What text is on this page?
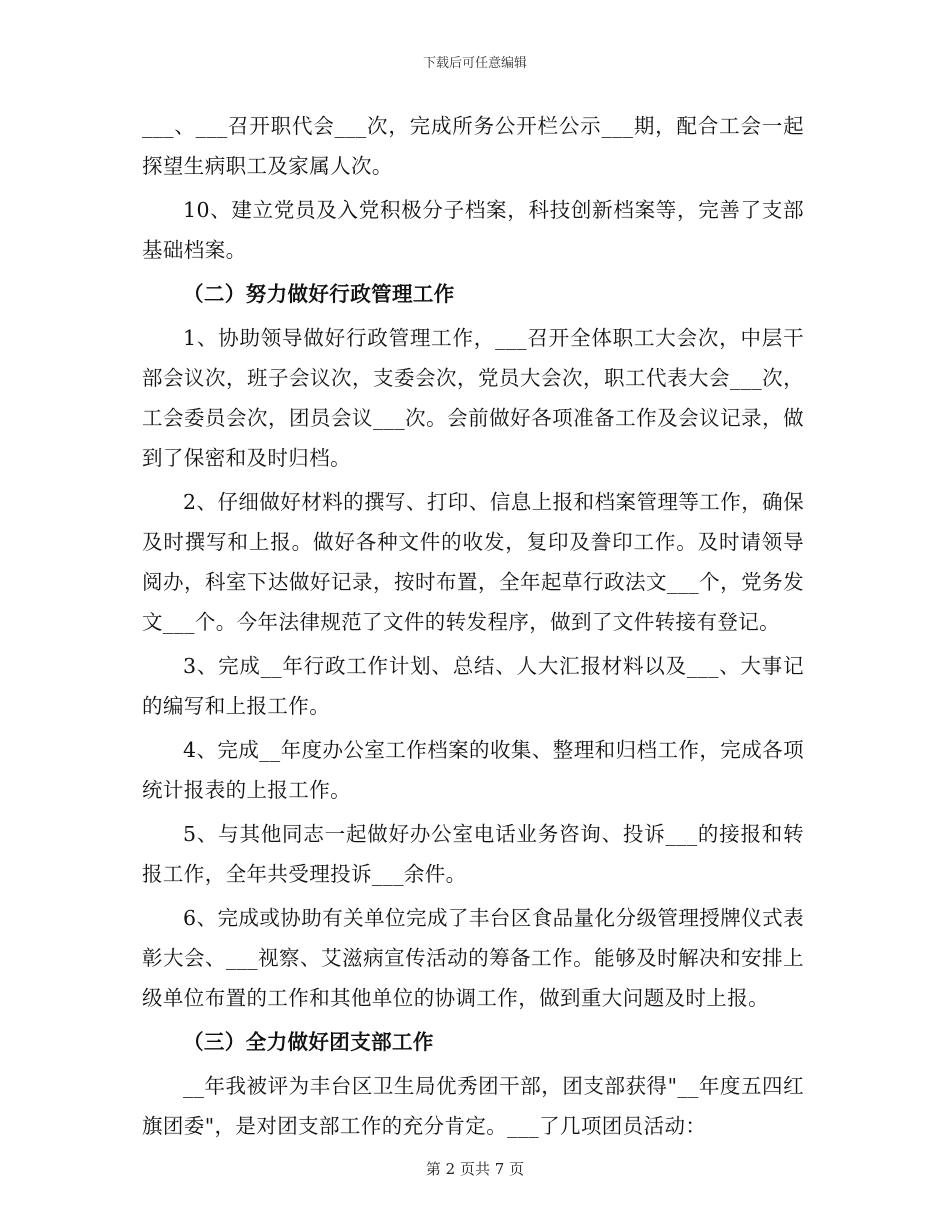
下载后可任意编辑

___、___召开职代会___次，完成所务公开栏公示___期，配合工会一起探望生病职工及家属人次。

10、建立党员及入党积极分子档案，科技创新档案等，完善了支部基础档案。

（二）努力做好行政管理工作

1、协助领导做好行政管理工作，___召开全体职工大会次，中层干部会议次，班子会议次，支委会次，党员大会次，职工代表大会___次，工会委员会次，团员会议___次。会前做好各项准备工作及会议记录，做到了保密和及时归档。

2、仔细做好材料的撰写、打印、信息上报和档案管理等工作，确保及时撰写和上报。做好各种文件的收发，复印及誊印工作。及时请领导阅办，科室下达做好记录，按时布置，全年起草行政法文___个，党务发文___个。今年法律规范了文件的转发程序，做到了文件转接有登记。

3、完成__年行政工作计划、总结、人大汇报材料以及___、大事记的编写和上报工作。

4、完成__年度办公室工作档案的收集、整理和归档工作，完成各项统计报表的上报工作。

5、与其他同志一起做好办公室电话业务咨询、投诉___的接报和转报工作，全年共受理投诉___余件。

6、完成或协助有关单位完成了丰台区食品量化分级管理授牌仪式表彰大会、___视察、艾滋病宣传活动的筹备工作。能够及时解决和安排上级单位布置的工作和其他单位的协调工作，做到重大问题及时上报。

（三）全力做好团支部工作

__年我被评为丰台区卫生局优秀团干部，团支部获得"__年度五四红旗团委"，是对团支部工作的充分肯定。___了几项团员活动：

第 2 页共 7 页
